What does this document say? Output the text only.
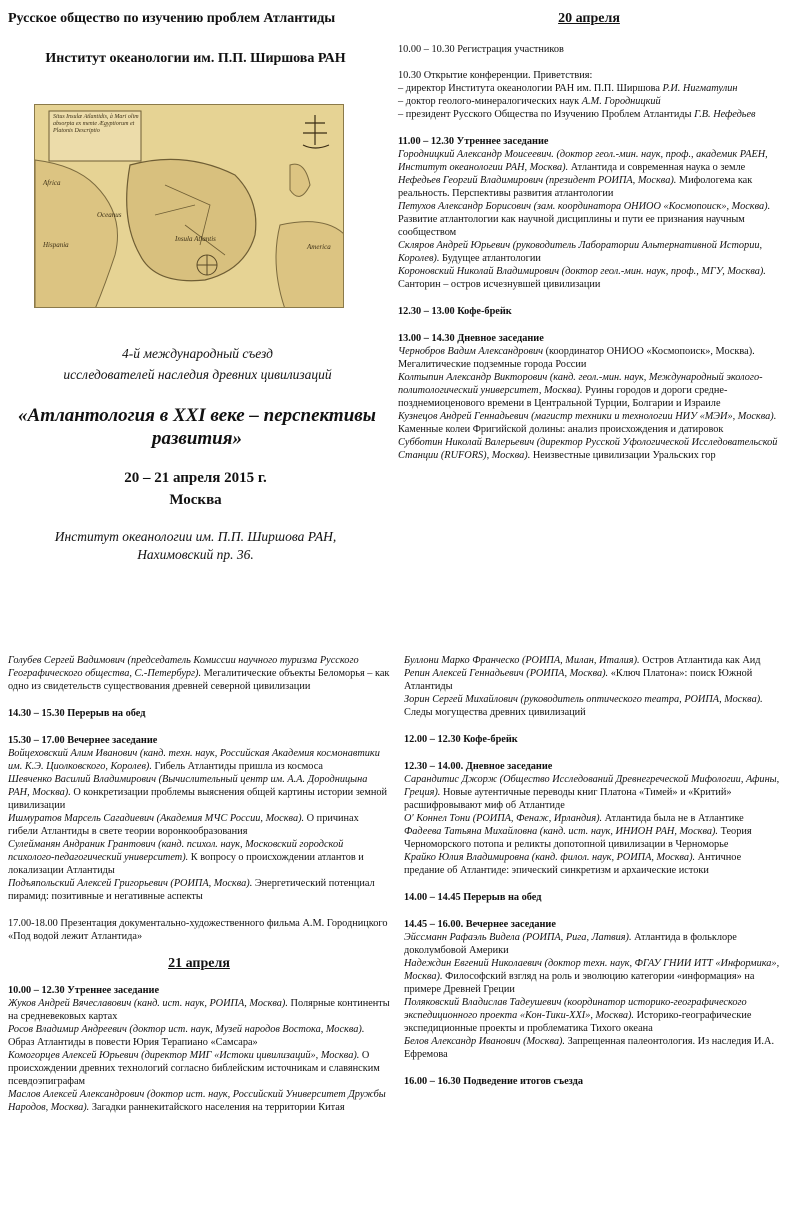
Русское общество по изучению проблем Атлантиды
Институт океанологии им. П.П. Ширшова РАН
Situs Insulæ Atlantidis, à Mari olim absorpta ex mente Ægyptiorum et Platonis Descriptio
Africa
Hispania
Oceanus
Insula Atlantis
America
4-й международный съезд
исследователей наследия древних цивилизаций
«Атлантология в XXI веке – перспективы развития»
20 – 21 апреля 2015 г.
Москва
Институт океанологии им. П.П. Ширшова РАН,
Нахимовский пр. 36.
20 апреля

10.00 – 10.30 Регистрация участников

10.30 Открытие конференции. Приветствия:

– директор Института океанологии РАН им. П.П. Ширшова Р.И. Нигматулин

– доктор геолого-минералогических наук А.М. Городницкий

– президент Русского Общества по Изучению Проблем Атлантиды Г.В. Нефедьев

11.00 – 12.30 Утреннее заседание

Городницкий Александр Моисеевич. (доктор геол.-мин. наук, проф., академик РАЕН, Институт океанологии РАН, Москва). Атлантида и современная наука о земле

Нефедьев Георгий Владимирович (президент РОИПА, Москва). Мифологема как реальность. Перспективы развития атлантологии

Петухов Александр Борисович (зам. координатора ОНИОО «Космопоиск», Москва). Развитие атлантологии как научной дисциплины и пути ее признания научным сообществом

Скляров Андрей Юрьевич (руководитель Лаборатории Альтернативной Истории, Королев). Будущее атлантологии

Короновский Николай Владимирович (доктор геол.-мин. наук, проф., МГУ, Москва). Санторин – остров исчезнувшей цивилизации

12.30 – 13.00 Кофе-брейк

13.00 – 14.30 Дневное заседание

Чернобров Вадим Александрович (координатор ОНИОО «Космопоиск», Москва). Мегалитические подземные города России

Колтыпин Александр Викторович (канд. геол.-мин. наук, Международный эколого-политологический университет, Москва). Руины городов и дороги средне-позднемиоценового времени в Центральной Турции, Болгарии и Израиле

Кузнецов Андрей Геннадьевич (магистр техники и технологии НИУ «МЭИ», Москва). Каменные колеи Фригийской долины: анализ происхождения и датировок

Субботин Николай Валерьевич (директор Русской Уфологической Исследовательской Станции (RUFORS), Москва). Неизвестные цивилизации Уральских гор

Голубев Сергей Вадимович (председатель Комиссии научного туризма Русского Географического общества, С.-Петербург). Мегалитические объекты Беломорья – как одно из свидетельств существования древней северной цивилизации

14.30 – 15.30 Перерыв на обед

15.30 – 17.00 Вечернее заседание

Войцеховский Алим Иванович (канд. техн. наук, Российская Академия космонавтики им. К.Э. Циолковского, Королев). Гибель Атлантиды пришла из космоса

Шевченко Василий Владимирович (Вычислительный центр им. А.А. Дородницына РАН, Москва). О конкретизации проблемы выяснения общей картины истории земной цивилизации

Ишмуратов Марсель Сагадиевич (Академия МЧС России, Москва). О причинах гибели Атлантиды в свете теории воронкообразования

Сулейманян Андраник Грантович (канд. психол. наук, Московский городской психолого-педагогический университет). К вопросу о происхождении атлантов и локализации Атлантиды

Подъяпольский Алексей Григорьевич (РОИПА, Москва). Энергетический потенциал пирамид: позитивные и негативные аспекты

17.00-18.00 Презентация документально-художественного фильма А.М. Городницкого «Под водой лежит Атлантида»

21 апреля

10.00 – 12.30 Утреннее заседание

Жуков Андрей Вячеславович (канд. ист. наук, РОИПА, Москва). Полярные континенты на средневековых картах

Росов Владимир Андреевич (доктор ист. наук, Музей народов Востока, Москва). Образ Атлантиды в повести Юрия Терапиано «Самсара»

Комогорцев Алексей Юрьевич (директор МИГ «Истоки цивилизаций», Москва). О происхождении древних технологий согласно библейским источникам и славянским псевдоэпиграфам

Маслов Алексей Александрович (доктор ист. наук, Российский Университет Дружбы Народов, Москва). Загадки раннекитайского населения на территории Китая

Буллони Марко Франческо (РОИПА, Милан, Италия). Остров Атлантида как Аид

Репин Алексей Геннадьевич (РОИПА, Москва). «Ключ Платона»: поиск Южной Атлантиды

Зорин Сергей Михайлович (руководитель оптического театра, РОИПА, Москва). Следы могущества древних цивилизаций

12.00 – 12.30 Кофе-брейк

12.30 – 14.00. Дневное заседание

Сарандитис Джорж (Общество Исследований Древнегреческой Мифологии, Афины, Греция). Новые аутентичные переводы книг Платона «Тимей» и «Критий» расшифровывают миф об Атлантиде

О' Коннел Тони (РОИПА, Фенаж, Ирландия). Атлантида была не в Атлантике

Фадеева Татьяна Михайловна (канд. ист. наук, ИНИОН РАН, Москва). Теория Черноморского потопа и реликты допотопной цивилизации в Черноморье

Крайко Юлия Владимировна (канд. филол. наук, РОИПА, Москва). Античное предание об Атлантиде: эпический синкретизм и архаические истоки

14.00 – 14.45 Перерыв на обед

14.45 – 16.00. Вечернее заседание

Эйссманн Рафаэль Видела (РОИПА, Рига, Латвия). Атлантида в фольклоре доколумбовой Америки

Надеждин Евгений Николаевич (доктор техн. наук, ФГАУ ГНИИ ИТТ «Информика», Москва). Философский взгляд на роль и эволюцию категории «информация» на примере Древней Греции

Поляковский Владислав Тадеушевич (координатор историко-географического экспедиционного проекта «Кон-Тики-XXI», Москва). Историко-географические экспедиционные проекты и проблематика Тихого океана

Белов Александр Иванович (Москва). Запрещенная палеонтология. Из наследия И.А. Ефремова

16.00 – 16.30 Подведение итогов съезда
